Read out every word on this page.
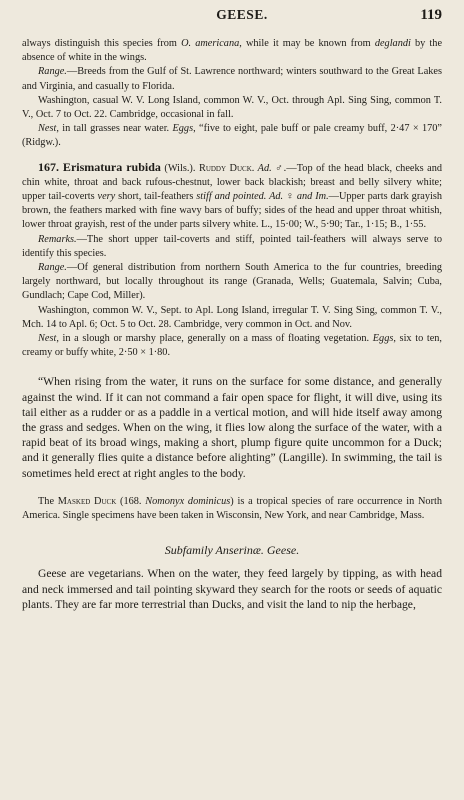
GEESE.	119

always distinguish this species from O. americana, while it may be known from deglandi by the absence of white in the wings.

Range.—Breeds from the Gulf of St. Lawrence northward; winters southward to the Great Lakes and Virginia, and casually to Florida.

Washington, casual W. V. Long Island, common W. V., Oct. through Apl. Sing Sing, common T. V., Oct. 7 to Oct. 22. Cambridge, occasional in fall.

Nest, in tall grasses near water. Eggs, “five to eight, pale buff or pale creamy buff, 2·47 × 170” (Ridgw.).

167. Erismatura rubida (Wils.). Ruddy Duck. Ad. ♂.—Top of the head black, cheeks and chin white, throat and back rufous-chestnut, lower back blackish; breast and belly silvery white; upper tail-coverts very short, tail-feathers stiff and pointed. Ad. ♀ and Im.—Upper parts dark grayish brown, the feathers marked with fine wavy bars of buffy; sides of the head and upper throat whitish, lower throat grayish, rest of the under parts silvery white. L., 15·00; W., 5·90; Tar., 1·15; B., 1·55.

Remarks.—The short upper tail-coverts and stiff, pointed tail-feathers will always serve to identify this species.

Range.—Of general distribution from northern South America to the fur countries, breeding largely northward, but locally throughout its range (Granada, Wells; Guatemala, Salvin; Cuba, Gundlach; Cape Cod, Miller).

Washington, common W. V., Sept. to Apl. Long Island, irregular T. V. Sing Sing, common T. V., Mch. 14 to Apl. 6; Oct. 5 to Oct. 28. Cambridge, very common in Oct. and Nov.

Nest, in a slough or marshy place, generally on a mass of floating vegetation. Eggs, six to ten, creamy or buffy white, 2·50 × 1·80.

“When rising from the water, it runs on the surface for some distance, and generally against the wind. If it can not command a fair open space for flight, it will dive, using its tail either as a rudder or as a paddle in a vertical motion, and will hide itself away among the grass and sedges. When on the wing, it flies low along the surface of the water, with a rapid beat of its broad wings, making a short, plump figure quite uncommon for a Duck; and it generally flies quite a distance before alighting” (Langille). In swimming, the tail is sometimes held erect at right angles to the body.

The Masked Duck (168. Nomonyx dominicus) is a tropical species of rare occurrence in North America. Single specimens have been taken in Wisconsin, New York, and near Cambridge, Mass.

Subfamily Anserinæ. Geese.

Geese are vegetarians. When on the water, they feed largely by tipping, as with head and neck immersed and tail pointing skyward they search for the roots or seeds of aquatic plants. They are far more terrestrial than Ducks, and visit the land to nip the herbage,
